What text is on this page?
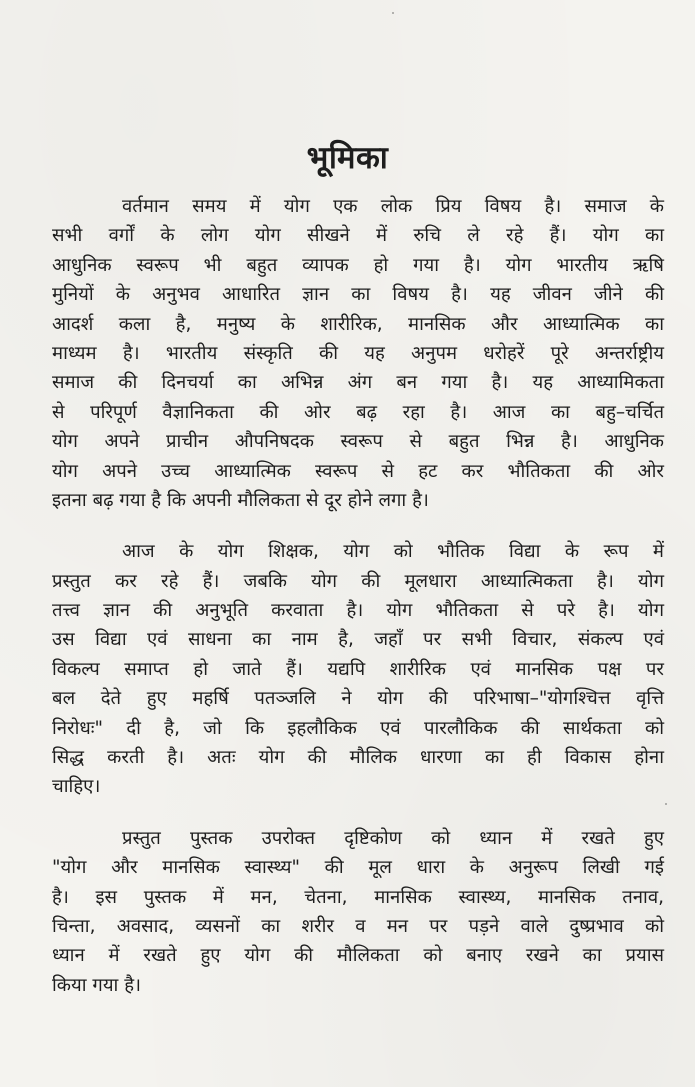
भूमिका
वर्तमान समय में योग एक लोक प्रिय विषय है। समाज के
सभी वर्गों के लोग योग सीखने में रुचि ले रहे हैं। योग का
आधुनिक स्वरूप भी बहुत व्यापक हो गया है। योग भारतीय ऋषि
मुनियों के अनुभव आधारित ज्ञान का विषय है। यह जीवन जीने की
आदर्श कला है, मनुष्य के शारीरिक, मानसिक और आध्यात्मिक का
माध्यम है। भारतीय संस्कृति की यह अनुपम धरोहरें पूरे अन्तर्राष्ट्रीय
समाज की दिनचर्या का अभिन्न अंग बन गया है। यह आध्यामिकता
से परिपूर्ण वैज्ञानिकता की ओर बढ़ रहा है। आज का बहु–चर्चित
योग अपने प्राचीन औपनिषदक स्वरूप से बहुत भिन्न है। आधुनिक
योग अपने उच्च आध्यात्मिक स्वरूप से हट कर भौतिकता की ओर
इतना बढ़ गया है कि अपनी मौलिकता से दूर होने लगा है।
आज के योग शिक्षक, योग को भौतिक विद्या के रूप में
प्रस्तुत कर रहे हैं। जबकि योग की मूलधारा आध्यात्मिकता है। योग
तत्त्व ज्ञान की अनुभूति करवाता है। योग भौतिकता से परे है। योग
उस विद्या एवं साधना का नाम है, जहाँ पर सभी विचार, संकल्प एवं
विकल्प समाप्त हो जाते हैं। यद्यपि शारीरिक एवं मानसिक पक्ष पर
बल देते हुए महर्षि पतञ्जलि ने योग की परिभाषा–"योगश्चित्त वृत्ति
निरोधः" दी है, जो कि इहलौकिक एवं पारलौकिक की सार्थकता को
सिद्ध करती है। अतः योग की मौलिक धारणा का ही विकास होना
चाहिए।
प्रस्तुत पुस्तक उपरोक्त दृष्टिकोण को ध्यान में रखते हुए
"योग और मानसिक स्वास्थ्य" की मूल धारा के अनुरूप लिखी गई
है। इस पुस्तक में मन, चेतना, मानसिक स्वास्थ्य, मानसिक तनाव,
चिन्ता, अवसाद, व्यसनों का शरीर व मन पर पड़ने वाले दुष्प्रभाव को
ध्यान में रखते हुए योग की मौलिकता को बनाए रखने का प्रयास
किया गया है।
